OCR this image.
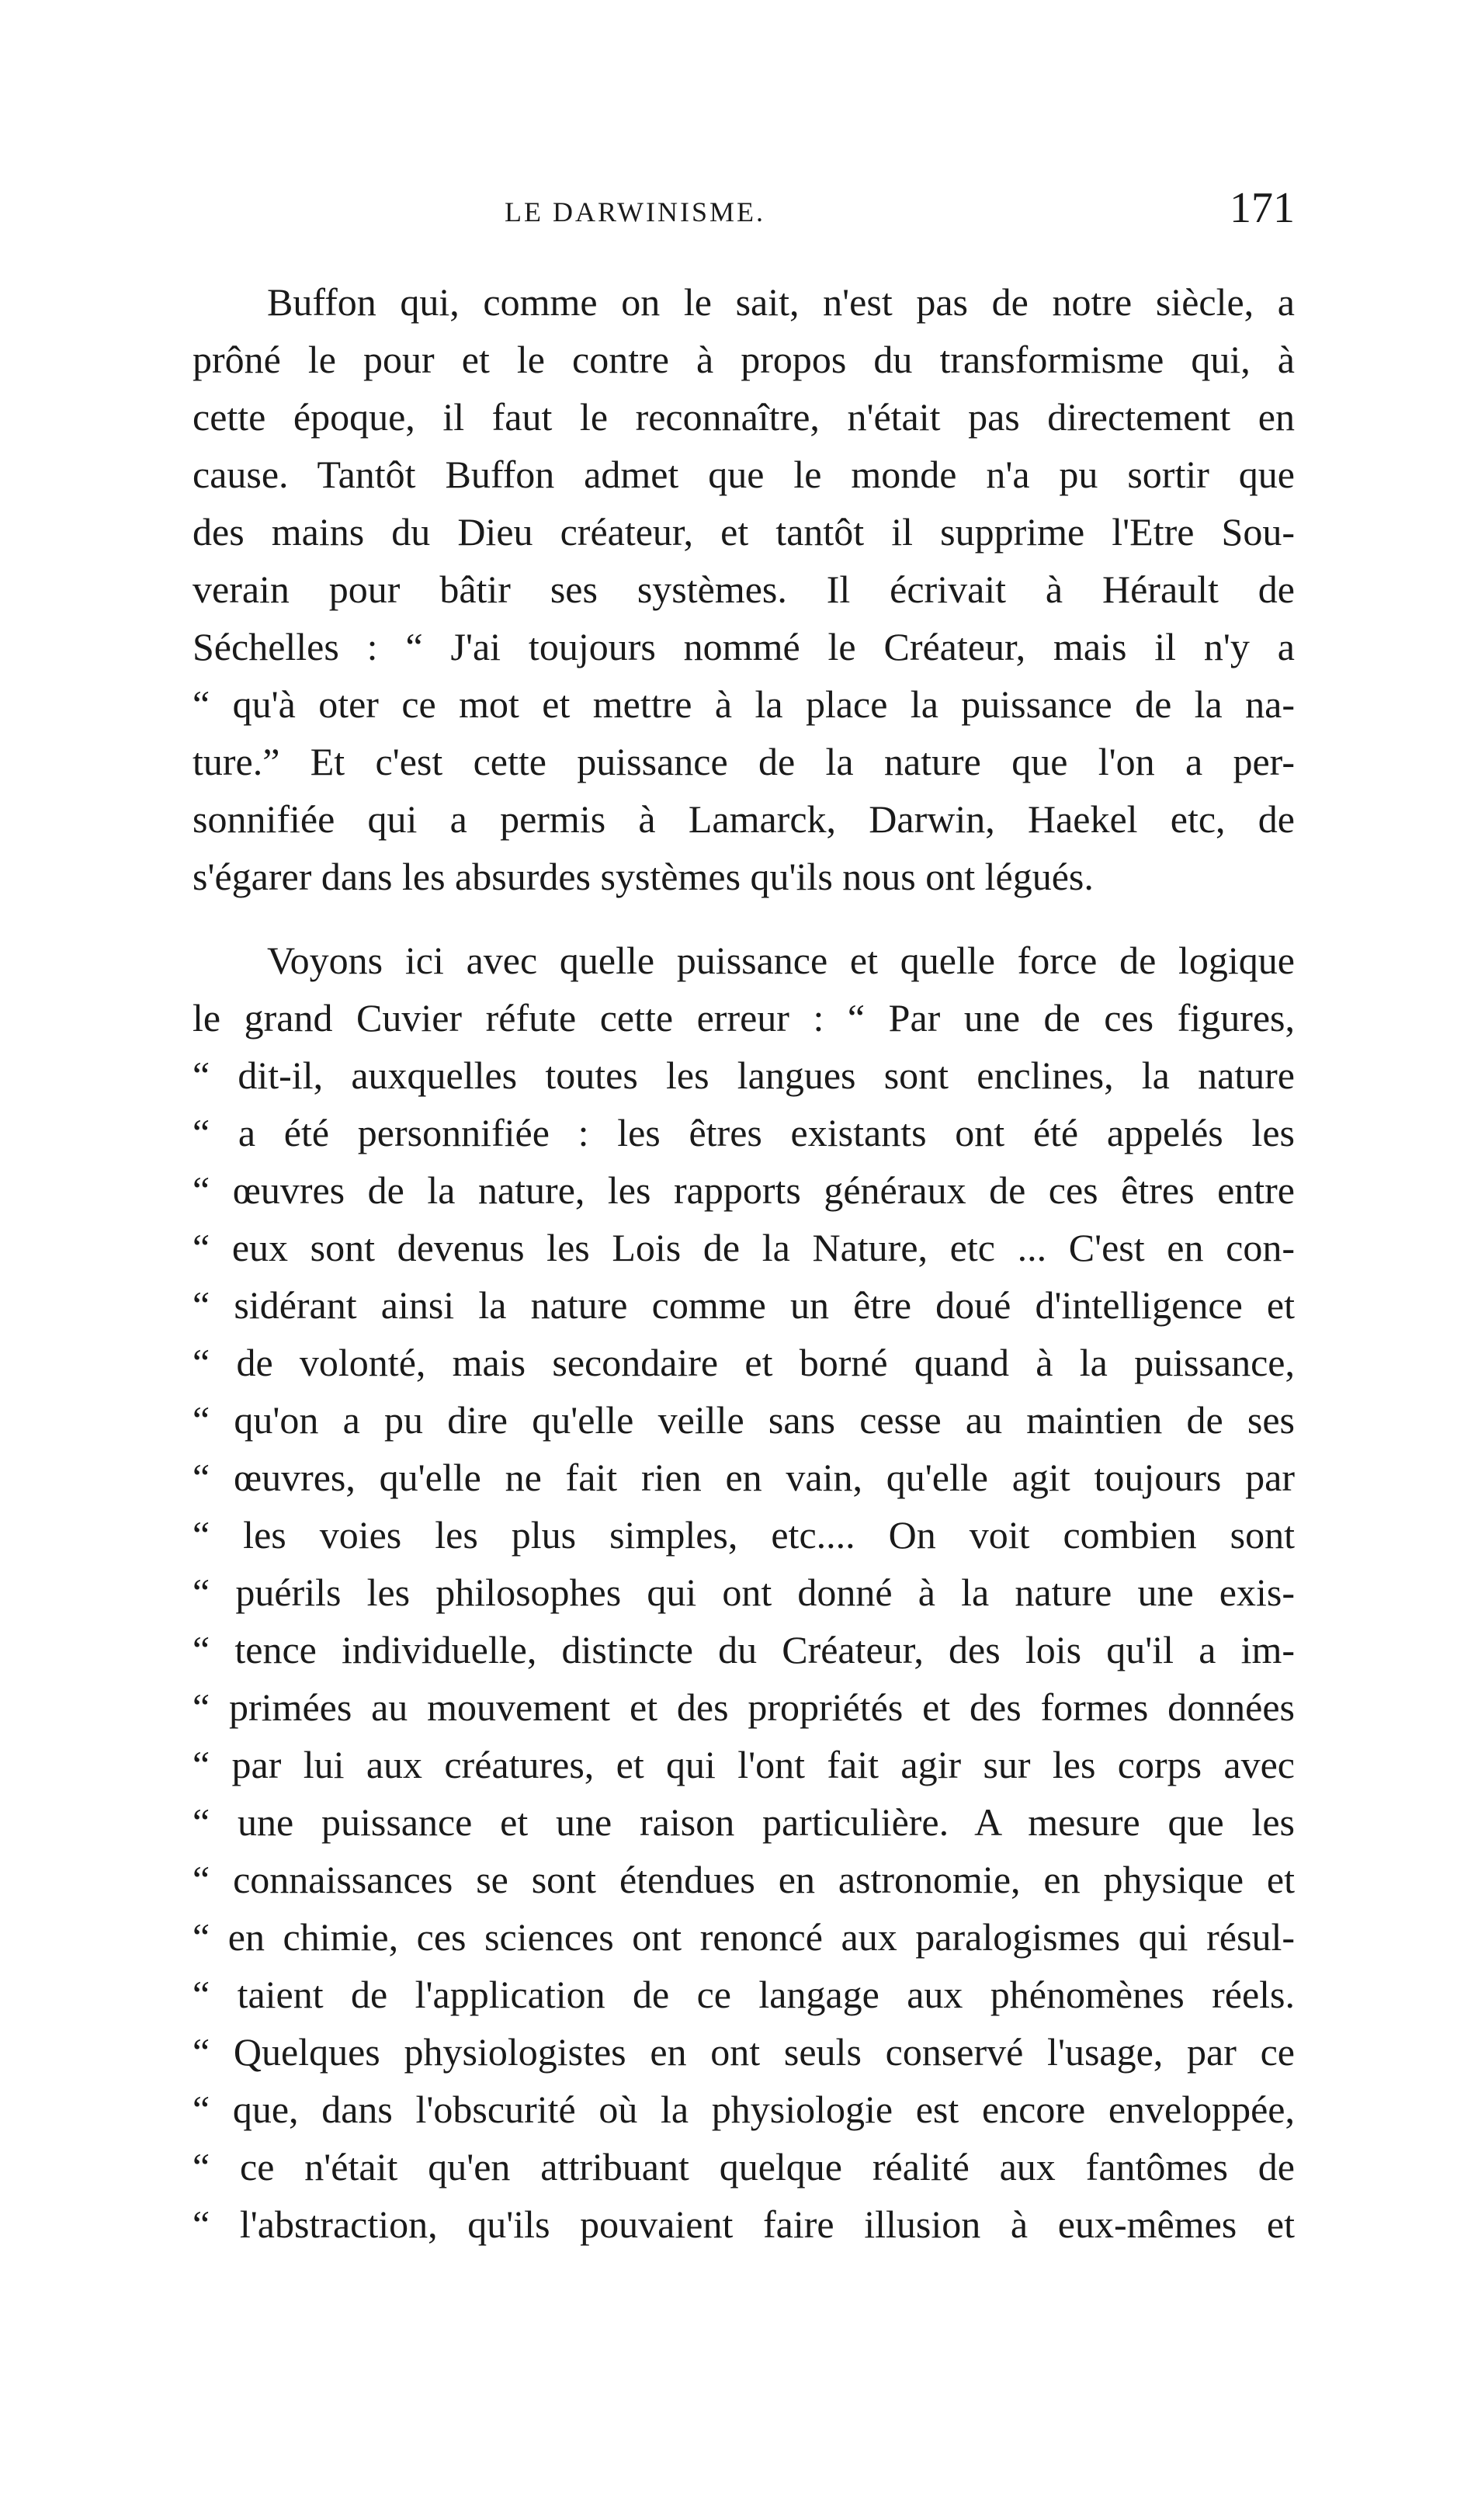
LE DARWINISME.	171
Buffon qui, comme on le sait, n'est pas de notre siècle, a
prôné le pour et le contre à propos du transformisme qui, à
cette époque, il faut le reconnaître, n'était pas directement en
cause. Tantôt Buffon admet que le monde n'a pu sortir que
des mains du Dieu créateur, et tantôt il supprime l'Etre Sou-
verain pour bâtir ses systèmes. Il écrivait à Hérault de
Séchelles : “ J'ai toujours nommé le Créateur, mais il n'y a
“ qu'à oter ce mot et mettre à la place la puissance de la na-
ture.” Et c'est cette puissance de la nature que l'on a per-
sonnifiée qui a permis à Lamarck, Darwin, Haekel etc, de
s'égarer dans les absurdes systèmes qu'ils nous ont légués.
Voyons ici avec quelle puissance et quelle force de logique
le grand Cuvier réfute cette erreur : “ Par une de ces figures,
“ dit-il, auxquelles toutes les langues sont enclines, la nature
“ a été personnifiée : les êtres existants ont été appelés les
“ œuvres de la nature, les rapports généraux de ces êtres entre
“ eux sont devenus les Lois de la Nature, etc ... C'est en con-
“ sidérant ainsi la nature comme un être doué d'intelligence et
“ de volonté, mais secondaire et borné quand à la puissance,
“ qu'on a pu dire qu'elle veille sans cesse au maintien de ses
“ œuvres, qu'elle ne fait rien en vain, qu'elle agit toujours par
“ les voies les plus simples, etc.... On voit combien sont
“ puérils les philosophes qui ont donné à la nature une exis-
“ tence individuelle, distincte du Créateur, des lois qu'il a im-
“ primées au mouvement et des propriétés et des formes données
“ par lui aux créatures, et qui l'ont fait agir sur les corps avec
“ une puissance et une raison particulière. A mesure que les
“ connaissances se sont étendues en astronomie, en physique et
“ en chimie, ces sciences ont renoncé aux paralogismes qui résul-
“ taient de l'application de ce langage aux phénomènes réels.
“ Quelques physiologistes en ont seuls conservé l'usage, par ce
“ que, dans l'obscurité où la physiologie est encore enveloppée,
“ ce n'était qu'en attribuant quelque réalité aux fantômes de
“ l'abstraction, qu'ils pouvaient faire illusion à eux-mêmes et
